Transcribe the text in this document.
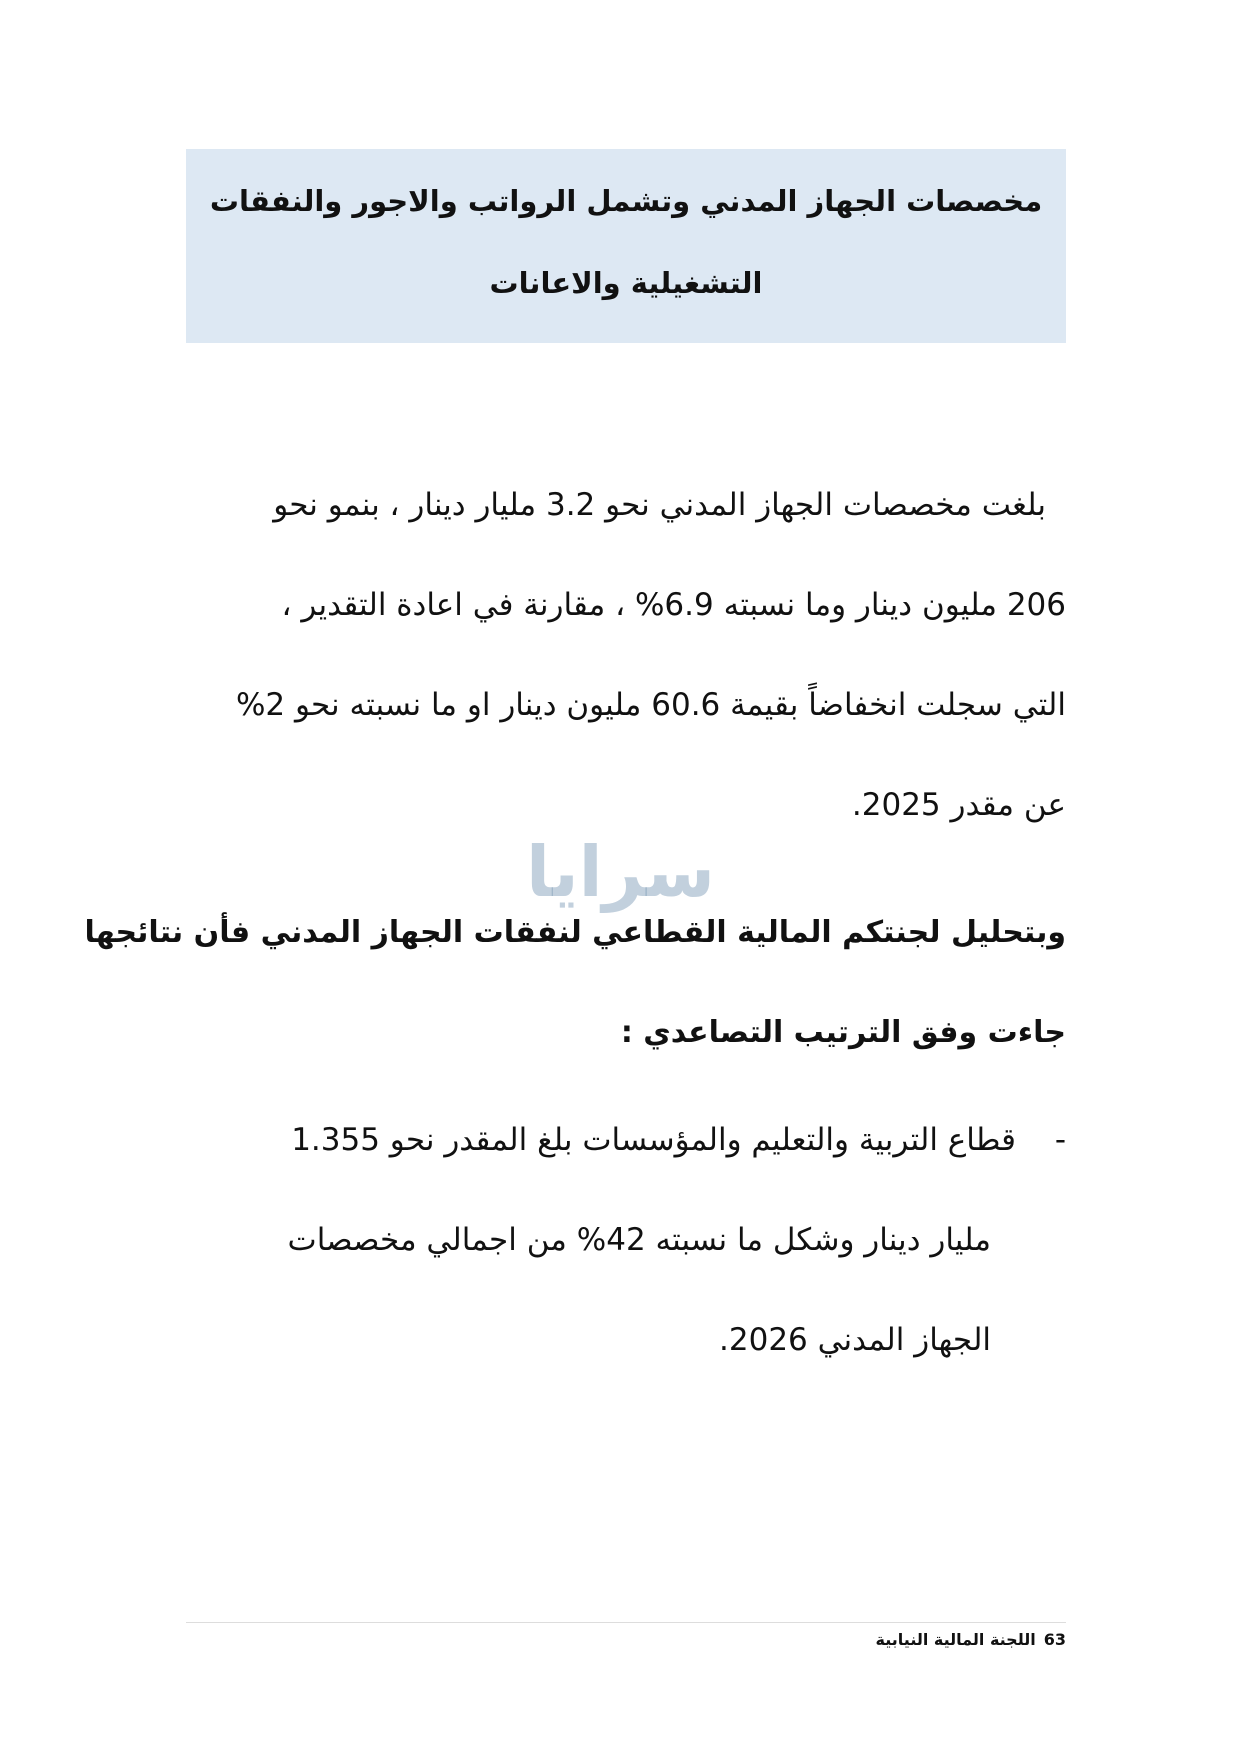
مخصصات الجهاز المدني وتشمل الرواتب والاجور والنفقات

التشغيلية والاعانات

بلغت مخصصات الجهاز المدني نحو 3.2 مليار دينار ، بنمو نحو
206 مليون دينار وما نسبته 6.9% ، مقارنة في اعادة التقدير ،
التي سجلت انخفاضاً بقيمة 60.6 مليون دينار او ما نسبته نحو 2%
عن مقدر 2025.
سرايا
وبتحليل لجنتكم المالية القطاعي لنفقات الجهاز المدني فأن نتائجها
جاءت وفق الترتيب التصاعدي :
-قطاع التربية والتعليم والمؤسسات بلغ المقدر نحو 1.355
مليار دينار وشكل ما نسبته 42% من اجمالي مخصصات
الجهاز المدني 2026.
63اللجنة المالية النيابية
